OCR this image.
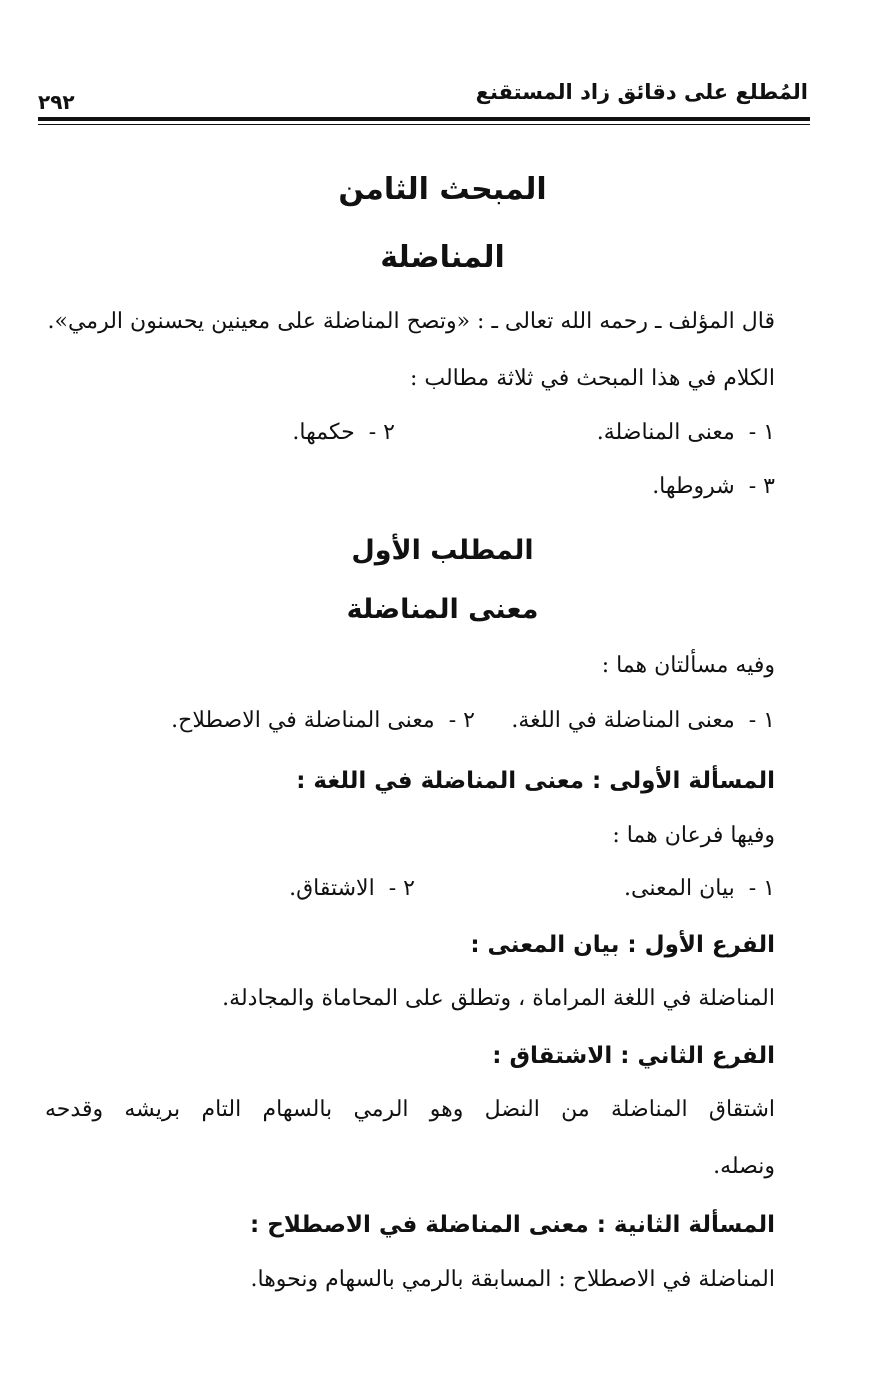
المُطلع على دقائق زاد المستقنع
٢٩٢
المبحث الثامن
المناضلة
قال المؤلف ـ رحمه الله تعالى ـ : «وتصح المناضلة على معينين يحسنون الرمي».
الكلام في هذا المبحث في ثلاثة مطالب :
١ -معنى المناضلة.
٢ -حكمها.
٣ -شروطها.
المطلب الأول
معنى المناضلة
وفيه مسألتان هما :
١ -معنى المناضلة في اللغة.
٢ -معنى المناضلة في الاصطلاح.
المسألة الأولى : معنى المناضلة في اللغة :
وفيها فرعان هما :
١ -بيان المعنى.
٢ -الاشتقاق.
الفرع الأول : بيان المعنى :
المناضلة في اللغة المراماة ، وتطلق على المحاماة والمجادلة.
الفرع الثاني : الاشتقاق :
اشتقاق المناضلة من النضل وهو الرمي بالسهام التام بريشه وقدحه
ونصله.
المسألة الثانية : معنى المناضلة في الاصطلاح :
المناضلة في الاصطلاح : المسابقة بالرمي بالسهام ونحوها.
